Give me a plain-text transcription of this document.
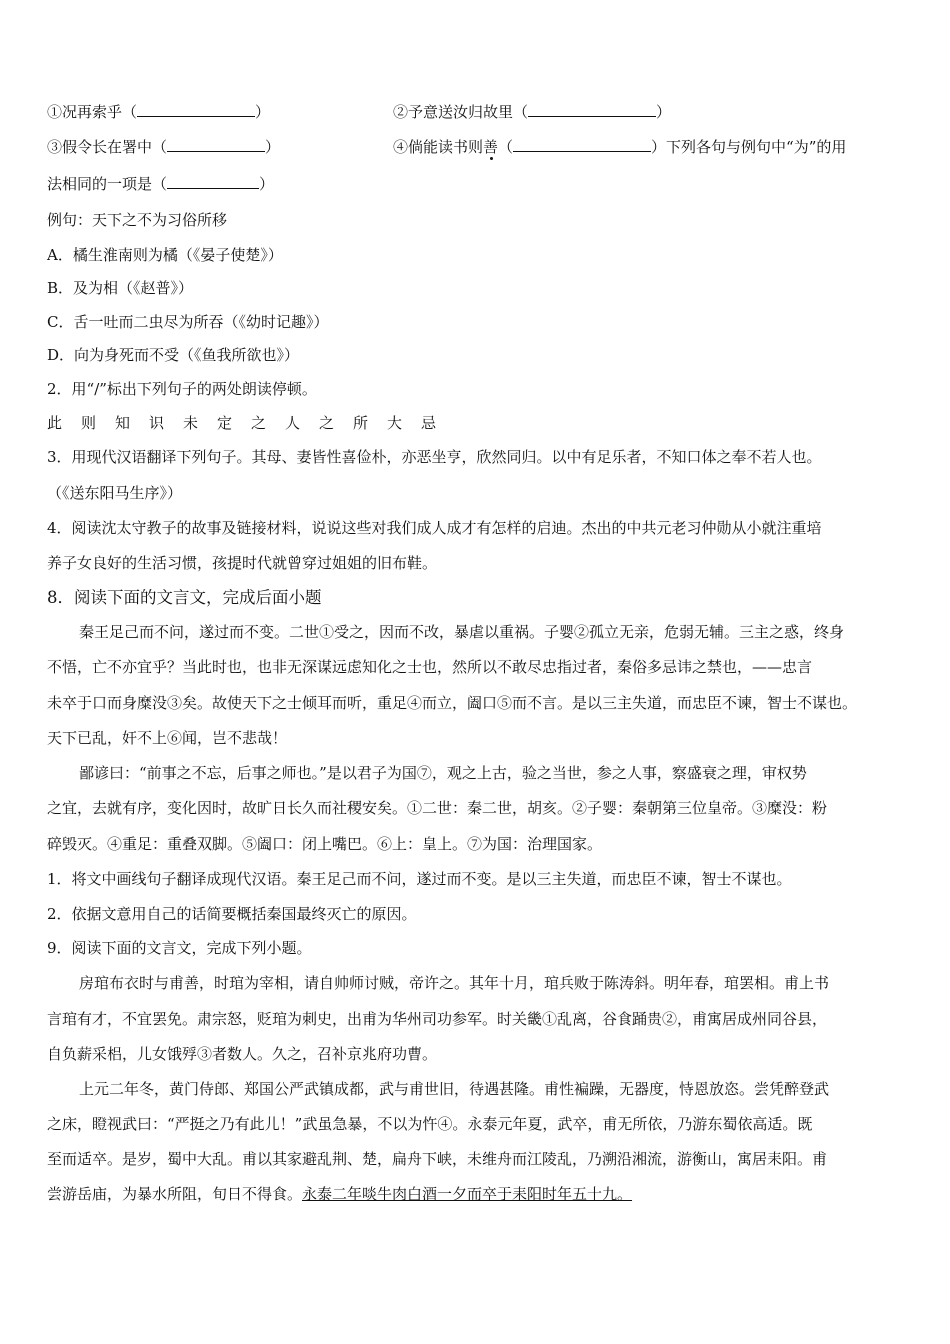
①况再索乎（	）	②予意送汝归故里（	）
③假令长在署中（	）	④倘能读书则善（	）下列各句与例句中“为”的用
法相同的一项是（	）
例句：天下之不为习俗所移
A．橘生淮南则为橘（《晏子使楚》）
B．及为相（《赵普》）
C．舌一吐而二虫尽为所吞（《幼时记趣》）
D．向为身死而不受（《鱼我所欲也》）
2．用“/”标出下列句子的两处朗读停顿。
此 则 知 识 未 定 之 人 之 所 大 忌
3．用现代汉语翻译下列句子。其母、妻皆性喜俭朴，亦恶坐亨，欣然同归。以中有足乐者，不知口体之奉不若人也。
（《送东阳马生序》）
4．阅读沈太守教子的故事及链接材料，说说这些对我们成人成才有怎样的启迪。杰出的中共元老习仲勋从小就注重培
养子女良好的生活习惯，孩提时代就曾穿过姐姐的旧布鞋。
8．阅读下面的文言文，完成后面小题
秦王足己而不问，遂过而不变。二世①受之，因而不改，暴虐以重祸。子婴②孤立无亲，危弱无辅。三主之惑，终身
不悟，亡不亦宜乎？当此时也，也非无深谋远虑知化之士也，然所以不敢尽忠指过者，秦俗多忌讳之禁也，——忠言
未卒于口而身糜没③矣。故使天下之士倾耳而听，重足④而立，阖口⑤而不言。是以三主失道，而忠臣不谏，智士不谋也。
天下已乱，奸不上⑥闻，岂不悲哉！
鄙谚曰：“前事之不忘，后事之师也。”是以君子为国⑦，观之上古，验之当世，参之人事，察盛衰之理，审权势
之宜，去就有序，变化因时，故旷日长久而社稷安矣。①二世：秦二世，胡亥。②子婴：秦朝第三位皇帝。③糜没：粉
碎毁灭。④重足：重叠双脚。⑤阖口：闭上嘴巴。⑥上：皇上。⑦为国：治理国家。
1．将文中画线句子翻译成现代汉语。秦王足己而不问，遂过而不变。是以三主失道，而忠臣不谏，智士不谋也。
2．依据文意用自己的话简要概括秦国最终灭亡的原因。
9．阅读下面的文言文，完成下列小题。
房琯布衣时与甫善，时琯为宰相，请自帅师讨贼，帝许之。其年十月，琯兵败于陈涛斜。明年春，琯罢相。甫上书
言琯有才，不宜罢免。肃宗怒，贬琯为刺史，出甫为华州司功参军。时关畿①乱离，谷食踊贵②，甫寓居成州同谷县，
自负薪采梠，儿女饿殍③者数人。久之，召补京兆府功曹。
上元二年冬，黄门侍郎、郑国公严武镇成都，武与甫世旧，待遇甚隆。甫性褊躁，无器度，恃恩放恣。尝凭醉登武
之床，瞪视武曰：“严挺之乃有此儿！”武虽急暴，不以为忤④。永泰元年夏，武卒，甫无所依，乃游东蜀依高适。既
至而适卒。是岁，蜀中大乱。甫以其家避乱荆、楚，扁舟下峡，未维舟而江陵乱，乃溯沿湘流，游衡山，寓居耒阳。甫
尝游岳庙，为暴水所阻，旬日不得食。永泰二年啖牛肉白酒一夕而卒于耒阳时年五十九。
